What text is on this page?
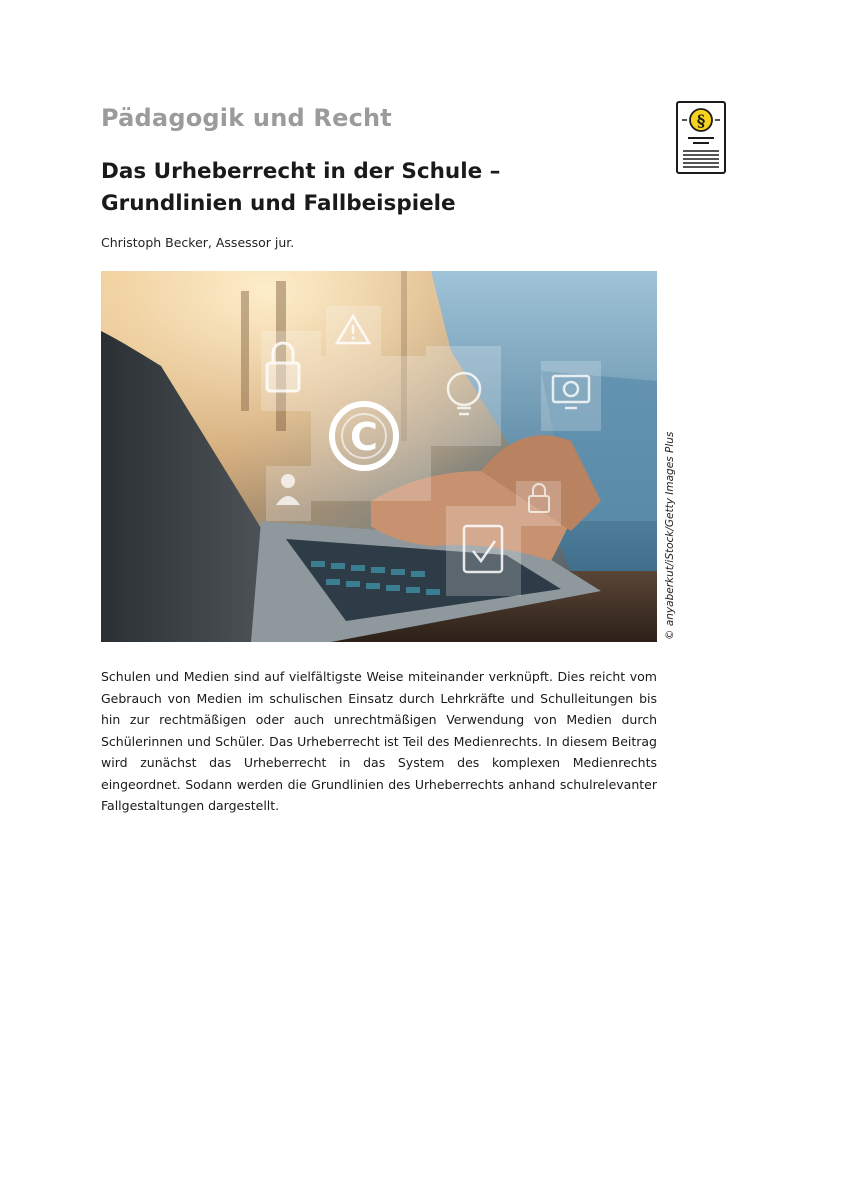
Pädagogik und Recht
Das Urheberrecht in der Schule –
Grundlinien und Fallbeispiele
Christoph Becker, Assessor jur.
§
C	© anyaberkut/iStock/Getty Images Plus

Schulen und Medien sind auf vielfältigste Weise miteinander verknüpft. Dies reicht vom Gebrauch von Medien im schulischen Einsatz durch Lehrkräfte und Schulleitungen bis hin zur rechtmäßigen oder auch unrechtmäßigen Verwendung von Medien durch Schülerinnen und Schüler. Das Urheberrecht ist Teil des Medienrechts. In diesem Beitrag wird zunächst das Urheberrecht in das System des komplexen Medienrechts eingeordnet. Sodann werden die Grundlinien des Urheberrechts anhand schulrelevanter Fallgestaltungen dargestellt.
